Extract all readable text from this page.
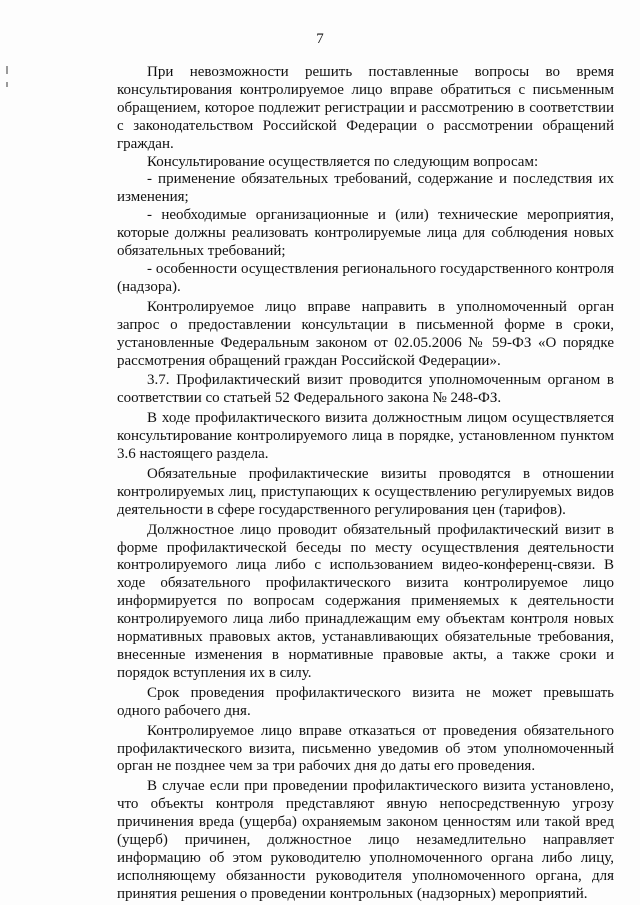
7

При невозможности решить поставленные вопросы во время консультирования контролируемое лицо вправе обратиться с письменным обращением, которое подлежит регистрации и рассмотрению в соответствии с законодательством Российской Федерации о рассмотрении обращений граждан.

Консультирование осуществляется по следующим вопросам:

- применение обязательных требований, содержание и последствия их изменения;

- необходимые организационные и (или) технические мероприятия, которые должны реализовать контролируемые лица для соблюдения новых обязательных требований;

- особенности осуществления регионального государственного контроля (надзора).

Контролируемое лицо вправе направить в уполномоченный орган запрос о предоставлении консультации в письменной форме в сроки, установленные Федеральным законом от 02.05.2006 № 59-ФЗ «О порядке рассмотрения обращений граждан Российской Федерации».

3.7. Профилактический визит проводится уполномоченным органом в соответствии со статьей 52 Федерального закона № 248-ФЗ.

В ходе профилактического визита должностным лицом осуществляется консультирование контролируемого лица в порядке, установленном пунктом 3.6 настоящего раздела.

Обязательные профилактические визиты проводятся в отношении контролируемых лиц, приступающих к осуществлению регулируемых видов деятельности в сфере государственного регулирования цен (тарифов).

Должностное лицо проводит обязательный профилактический визит в форме профилактической беседы по месту осуществления деятельности контролируемого лица либо с использованием видео-конференц-связи. В ходе обязательного профилактического визита контролируемое лицо информируется по вопросам содержания применяемых к деятельности контролируемого лица либо принадлежащим ему объектам контроля новых нормативных правовых актов, устанавливающих обязательные требования, внесенные изменения в нормативные правовые акты, а также сроки и порядок вступления их в силу.

Срок проведения профилактического визита не может превышать одного рабочего дня.

Контролируемое лицо вправе отказаться от проведения обязательного профилактического визита, письменно уведомив об этом уполномоченный орган не позднее чем за три рабочих дня до даты его проведения.

В случае если при проведении профилактического визита установлено, что объекты контроля представляют явную непосредственную угрозу причинения вреда (ущерба) охраняемым законом ценностям или такой вред (ущерб) причинен, должностное лицо незамедлительно направляет информацию об этом руководителю уполномоченного органа либо лицу, исполняющему обязанности руководителя уполномоченного органа, для принятия решения о проведении контрольных (надзорных) мероприятий.
